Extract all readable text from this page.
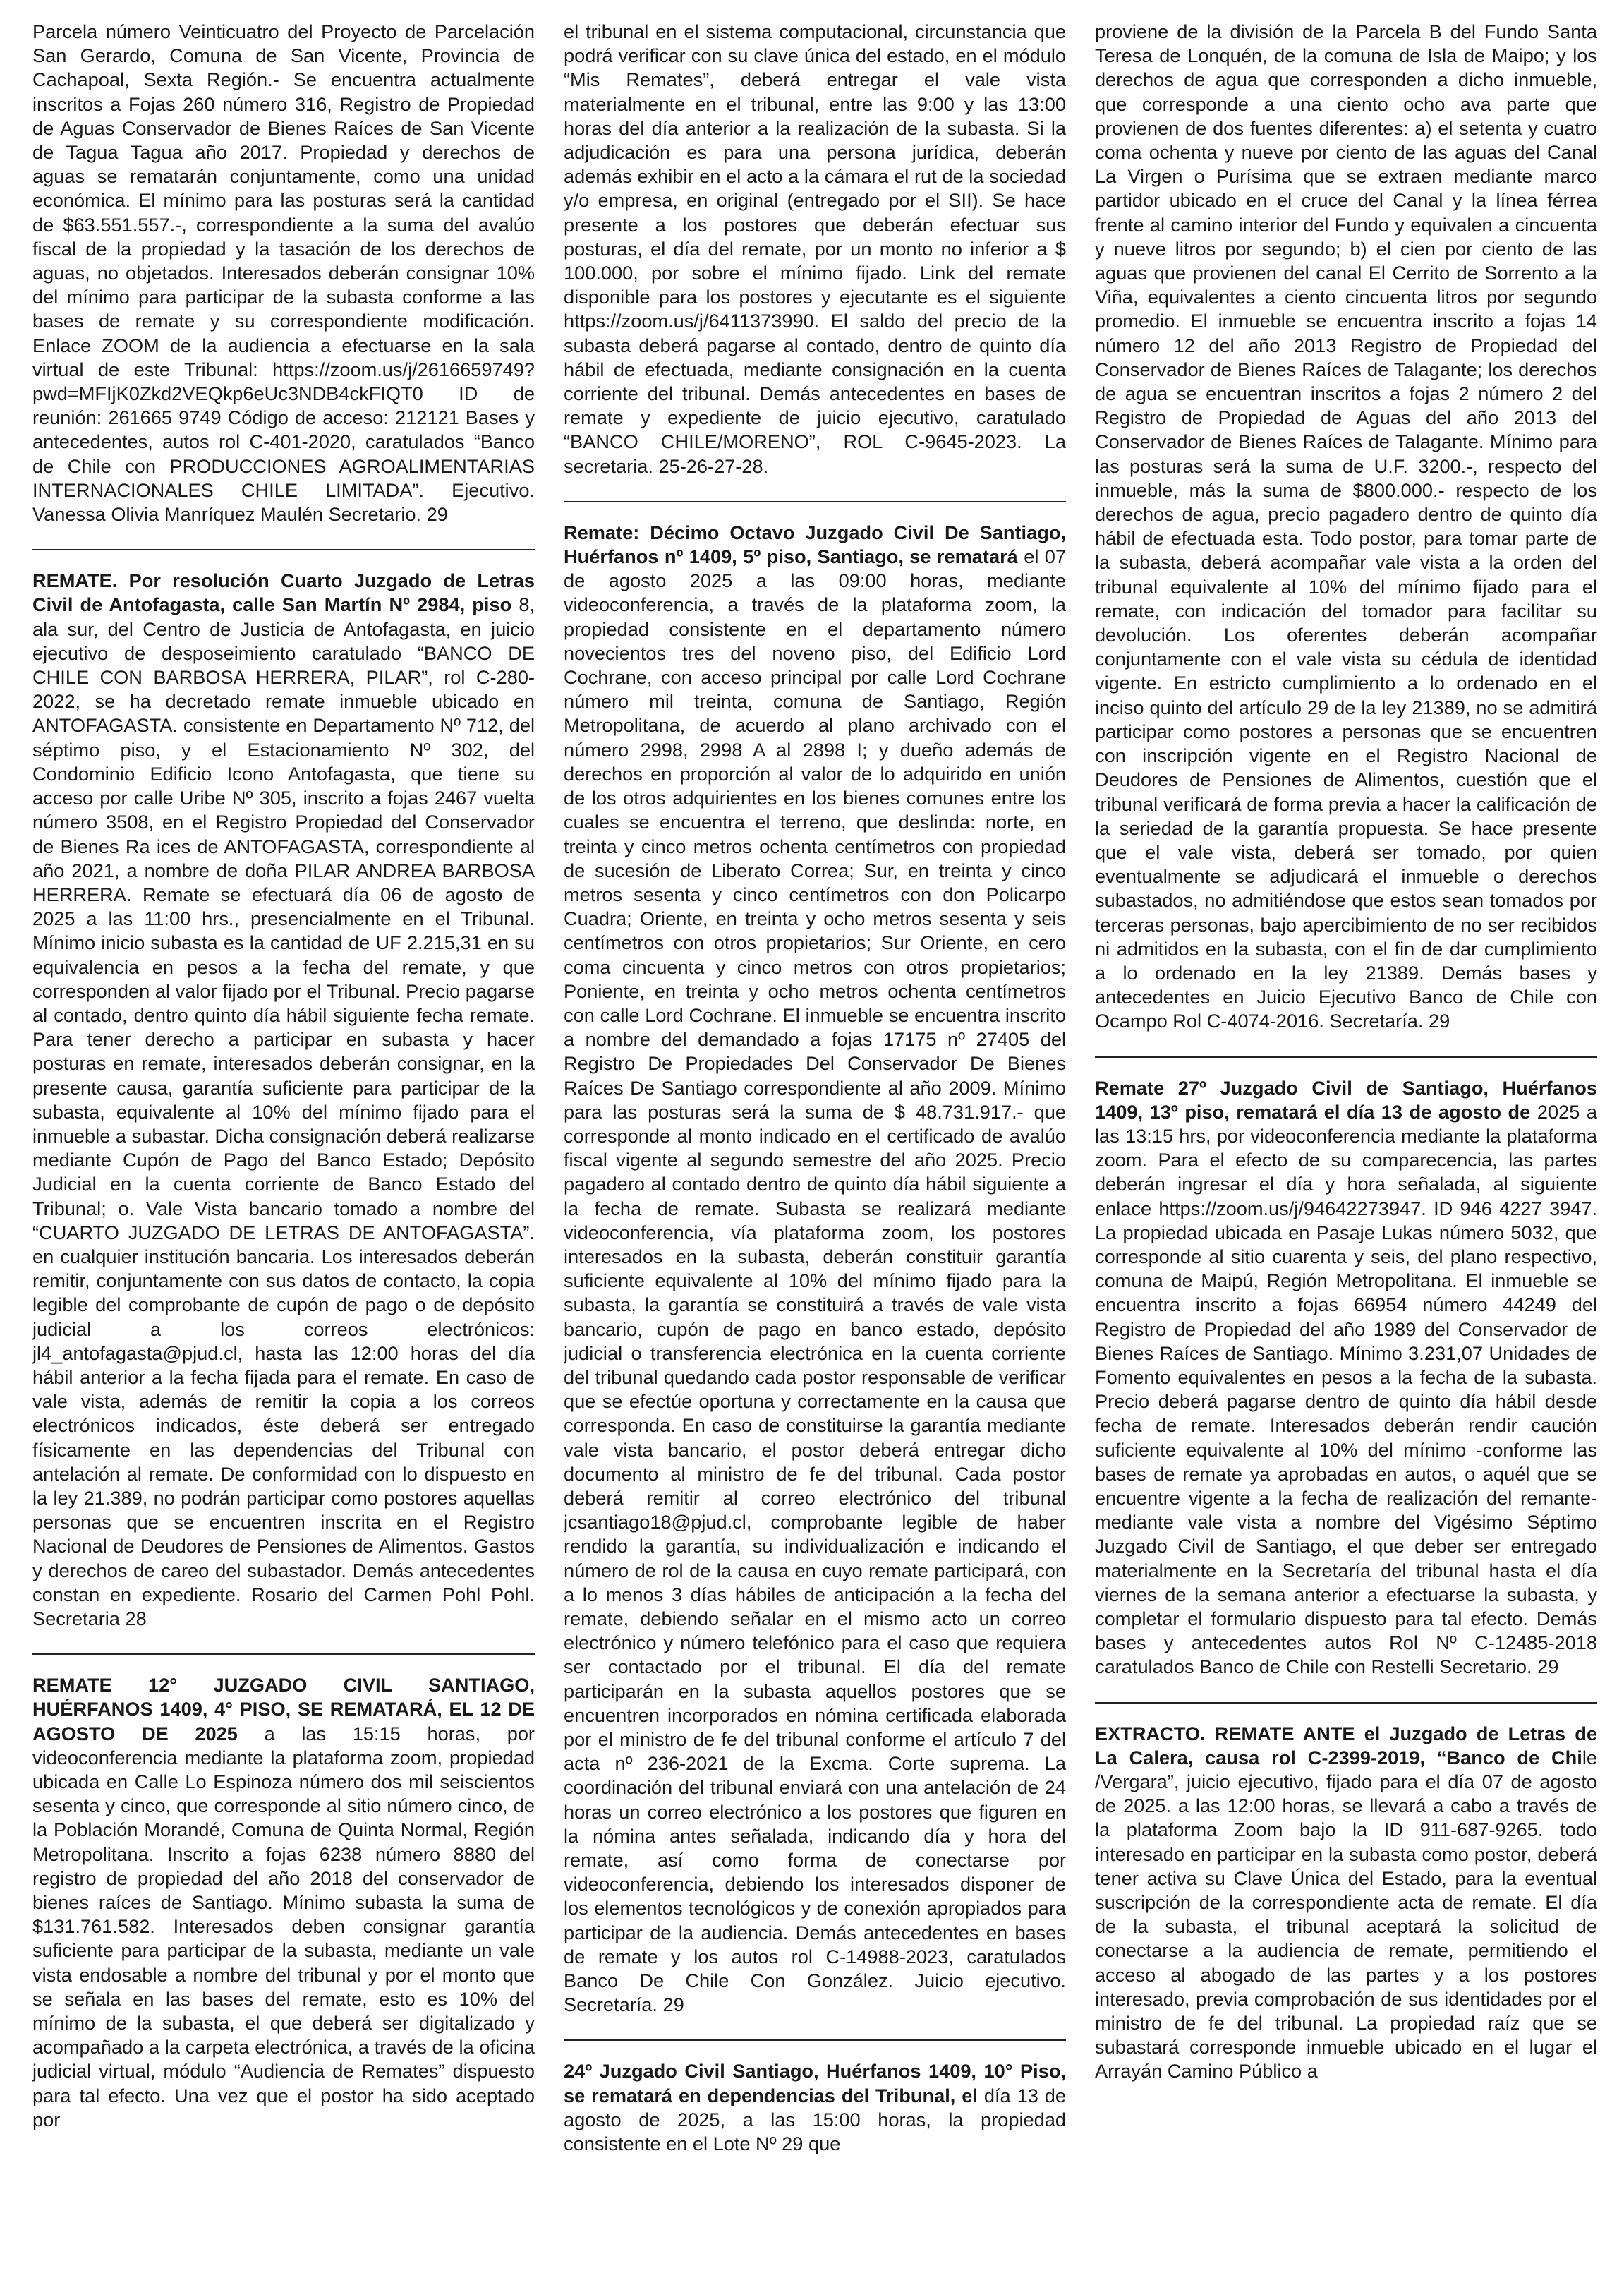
Parcela número Veinticuatro del Proyecto de Parcelación San Gerardo, Comuna de San Vicente, Provincia de Cachapoal, Sexta Región.- Se encuentra actualmente inscritos a Fojas 260 número 316, Registro de Propiedad de Aguas Conservador de Bienes Raíces de San Vicente de Tagua Tagua año 2017. Propiedad y derechos de aguas se rematarán conjuntamente, como una unidad económica. El mínimo para las posturas será la cantidad de $63.551.557.-, correspondiente a la suma del avalúo fiscal de la propiedad y la tasación de los derechos de aguas, no objetados. Interesados deberán consignar 10% del mínimo para participar de la subasta conforme a las bases de remate y su correspondiente modificación. Enlace ZOOM de la audiencia a efectuarse en la sala virtual de este Tribunal: https://zoom.us/j/2616659749?pwd=MFIjK0Zkd2VEQkp6eUc3NDB4ckFIQT0 ID de reunión: 261665 9749 Código de acceso: 212121 Bases y antecedentes, autos rol C-401-2020, caratulados “Banco de Chile con PRODUCCIONES AGROALIMENTARIAS INTERNACIONALES CHILE LIMITADA”. Ejecutivo. Vanessa Olivia Manríquez Maulén Secretario. 29

REMATE. Por resolución Cuarto Juzgado de Letras Civil de Antofagasta, calle San Martín Nº 2984, piso 8, ala sur, del Centro de Justicia de Antofagasta, en juicio ejecutivo de desposeimiento caratulado “BANCO DE CHILE CON BARBOSA HERRERA, PILAR”, rol C-280-2022, se ha decretado remate inmueble ubicado en ANTOFAGASTA. consistente en Departamento Nº 712, del séptimo piso, y el Estacionamiento Nº 302, del Condominio Edificio Icono Antofagasta, que tiene su acceso por calle Uribe Nº 305, inscrito a fojas 2467 vuelta número 3508, en el Registro Propiedad del Conservador de Bienes Ra ices de ANTOFAGASTA, correspondiente al año 2021, a nombre de doña PILAR ANDREA BARBOSA HERRERA. Remate se efectuará día 06 de agosto de 2025 a las 11:00 hrs., presencialmente en el Tribunal. Mínimo inicio subasta es la cantidad de UF 2.215,31 en su equivalencia en pesos a la fecha del remate, y que corresponden al valor fijado por el Tribunal. Precio pagarse al contado, dentro quinto día hábil siguiente fecha remate. Para tener derecho a participar en subasta y hacer posturas en remate, interesados deberán consignar, en la presente causa, garantía suficiente para participar de la subasta, equivalente al 10% del mínimo fijado para el inmueble a subastar. Dicha consignación deberá realizarse mediante Cupón de Pago del Banco Estado; Depósito Judicial en la cuenta corriente de Banco Estado del Tribunal; o. Vale Vista bancario tomado a nombre del “CUARTO JUZGADO DE LETRAS DE ANTOFAGASTA”. en cualquier institución bancaria. Los interesados deberán remitir, conjuntamente con sus datos de contacto, la copia legible del comprobante de cupón de pago o de depósito judicial a los correos electrónicos: jl4_antofagasta@pjud.cl, hasta las 12:00 horas del día hábil anterior a la fecha fijada para el remate. En caso de vale vista, además de remitir la copia a los correos electrónicos indicados, éste deberá ser entregado físicamente en las dependencias del Tribunal con antelación al remate. De conformidad con lo dispuesto en la ley 21.389, no podrán participar como postores aquellas personas que se encuentren inscrita en el Registro Nacional de Deudores de Pensiones de Alimentos. Gastos y derechos de careo del subastador. Demás antecedentes constan en expediente. Rosario del Carmen Pohl Pohl. Secretaria 28

REMATE 12° JUZGADO CIVIL SANTIAGO, HUÉRFANOS 1409, 4° PISO, SE REMATARÁ, EL 12 DE AGOSTO DE 2025 a las 15:15 horas, por videoconferencia mediante la plataforma zoom, propiedad ubicada en Calle Lo Espinoza número dos mil seiscientos sesenta y cinco, que corresponde al sitio número cinco, de la Población Morandé, Comuna de Quinta Normal, Región Metropolitana. Inscrito a fojas 6238 número 8880 del registro de propiedad del año 2018 del conservador de bienes raíces de Santiago. Mínimo subasta la suma de $131.761.582. Interesados deben consignar garantía suficiente para participar de la subasta, mediante un vale vista endosable a nombre del tribunal y por el monto que se señala en las bases del remate, esto es 10% del mínimo de la subasta, el que deberá ser digitalizado y acompañado a la carpeta electrónica, a través de la oficina judicial virtual, módulo “Audiencia de Remates” dispuesto para tal efecto. Una vez que el postor ha sido aceptado por

el tribunal en el sistema computacional, circunstancia que podrá verificar con su clave única del estado, en el módulo “Mis Remates”, deberá entregar el vale vista materialmente en el tribunal, entre las 9:00 y las 13:00 horas del día anterior a la realización de la subasta. Si la adjudicación es para una persona jurídica, deberán además exhibir en el acto a la cámara el rut de la sociedad y/o empresa, en original (entregado por el SII). Se hace presente a los postores que deberán efectuar sus posturas, el día del remate, por un monto no inferior a $ 100.000, por sobre el mínimo fijado. Link del remate disponible para los postores y ejecutante es el siguiente https://zoom.us/j/6411373990. El saldo del precio de la subasta deberá pagarse al contado, dentro de quinto día hábil de efectuada, mediante consignación en la cuenta corriente del tribunal. Demás antecedentes en bases de remate y expediente de juicio ejecutivo, caratulado “BANCO CHILE/MORENO”, ROL C-9645-2023. La secretaria. 25-26-27-28.

Remate: Décimo Octavo Juzgado Civil De Santiago, Huérfanos nº 1409, 5º piso, Santiago, se rematará el 07 de agosto 2025 a las 09:00 horas, mediante videoconferencia, a través de la plataforma zoom, la propiedad consistente en el departamento número novecientos tres del noveno piso, del Edificio Lord Cochrane, con acceso principal por calle Lord Cochrane número mil treinta, comuna de Santiago, Región Metropolitana, de acuerdo al plano archivado con el número 2998, 2998 A al 2898 I; y dueño además de derechos en proporción al valor de lo adquirido en unión de los otros adquirientes en los bienes comunes entre los cuales se encuentra el terreno, que deslinda: norte, en treinta y cinco metros ochenta centímetros con propiedad de sucesión de Liberato Correa; Sur, en treinta y cinco metros sesenta y cinco centímetros con don Policarpo Cuadra; Oriente, en treinta y ocho metros sesenta y seis centímetros con otros propietarios; Sur Oriente, en cero coma cincuenta y cinco metros con otros propietarios; Poniente, en treinta y ocho metros ochenta centímetros con calle Lord Cochrane. El inmueble se encuentra inscrito a nombre del demandado a fojas 17175 nº 27405 del Registro De Propiedades Del Conservador De Bienes Raíces De Santiago correspondiente al año 2009. Mínimo para las posturas será la suma de $ 48.731.917.- que corresponde al monto indicado en el certificado de avalúo fiscal vigente al segundo semestre del año 2025. Precio pagadero al contado dentro de quinto día hábil siguiente a la fecha de remate. Subasta se realizará mediante videoconferencia, vía plataforma zoom, los postores interesados en la subasta, deberán constituir garantía suficiente equivalente al 10% del mínimo fijado para la subasta, la garantía se constituirá a través de vale vista bancario, cupón de pago en banco estado, depósito judicial o transferencia electrónica en la cuenta corriente del tribunal quedando cada postor responsable de verificar que se efectúe oportuna y correctamente en la causa que corresponda. En caso de constituirse la garantía mediante vale vista bancario, el postor deberá entregar dicho documento al ministro de fe del tribunal. Cada postor deberá remitir al correo electrónico del tribunal jcsantiago18@pjud.cl, comprobante legible de haber rendido la garantía, su individualización e indicando el número de rol de la causa en cuyo remate participará, con a lo menos 3 días hábiles de anticipación a la fecha del remate, debiendo señalar en el mismo acto un correo electrónico y número telefónico para el caso que requiera ser contactado por el tribunal. El día del remate participarán en la subasta aquellos postores que se encuentren incorporados en nómina certificada elaborada por el ministro de fe del tribunal conforme el artículo 7 del acta nº 236-2021 de la Excma. Corte suprema. La coordinación del tribunal enviará con una antelación de 24 horas un correo electrónico a los postores que figuren en la nómina antes señalada, indicando día y hora del remate, así como forma de conectarse por videoconferencia, debiendo los interesados disponer de los elementos tecnológicos y de conexión apropiados para participar de la audiencia. Demás antecedentes en bases de remate y los autos rol C-14988-2023, caratulados Banco De Chile Con González. Juicio ejecutivo. Secretaría. 29

24º Juzgado Civil Santiago, Huérfanos 1409, 10° Piso, se rematará en dependencias del Tribunal, el día 13 de agosto de 2025, a las 15:00 horas, la propiedad consistente en el Lote Nº 29 que

proviene de la división de la Parcela B del Fundo Santa Teresa de Lonquén, de la comuna de Isla de Maipo; y los derechos de agua que corresponden a dicho inmueble, que corresponde a una ciento ocho ava parte que provienen de dos fuentes diferentes: a) el setenta y cuatro coma ochenta y nueve por ciento de las aguas del Canal La Virgen o Purísima que se extraen mediante marco partidor ubicado en el cruce del Canal y la línea férrea frente al camino interior del Fundo y equivalen a cincuenta y nueve litros por segundo; b) el cien por ciento de las aguas que provienen del canal El Cerrito de Sorrento a la Viña, equivalentes a ciento cincuenta litros por segundo promedio. El inmueble se encuentra inscrito a fojas 14 número 12 del año 2013 Registro de Propiedad del Conservador de Bienes Raíces de Talagante; los derechos de agua se encuentran inscritos a fojas 2 número 2 del Registro de Propiedad de Aguas del año 2013 del Conservador de Bienes Raíces de Talagante. Mínimo para las posturas será la suma de U.F. 3200.-, respecto del inmueble, más la suma de $800.000.- respecto de los derechos de agua, precio pagadero dentro de quinto día hábil de efectuada esta. Todo postor, para tomar parte de la subasta, deberá acompañar vale vista a la orden del tribunal equivalente al 10% del mínimo fijado para el remate, con indicación del tomador para facilitar su devolución. Los oferentes deberán acompañar conjuntamente con el vale vista su cédula de identidad vigente. En estricto cumplimiento a lo ordenado en el inciso quinto del artículo 29 de la ley 21389, no se admitirá participar como postores a personas que se encuentren con inscripción vigente en el Registro Nacional de Deudores de Pensiones de Alimentos, cuestión que el tribunal verificará de forma previa a hacer la calificación de la seriedad de la garantía propuesta. Se hace presente que el vale vista, deberá ser tomado, por quien eventualmente se adjudicará el inmueble o derechos subastados, no admitiéndose que estos sean tomados por terceras personas, bajo apercibimiento de no ser recibidos ni admitidos en la subasta, con el fin de dar cumplimiento a lo ordenado en la ley 21389. Demás bases y antecedentes en Juicio Ejecutivo Banco de Chile con Ocampo Rol C-4074-2016. Secretaría. 29

Remate 27º Juzgado Civil de Santiago, Huérfanos 1409, 13º piso, rematará el día 13 de agosto de 2025 a las 13:15 hrs, por videoconferencia mediante la plataforma zoom. Para el efecto de su comparecencia, las partes deberán ingresar el día y hora señalada, al siguiente enlace https://zoom.us/j/94642273947. ID 946 4227 3947. La propiedad ubicada en Pasaje Lukas número 5032, que corresponde al sitio cuarenta y seis, del plano respectivo, comuna de Maipú, Región Metropolitana. El inmueble se encuentra inscrito a fojas 66954 número 44249 del Registro de Propiedad del año 1989 del Conservador de Bienes Raíces de Santiago. Mínimo 3.231,07 Unidades de Fomento equivalentes en pesos a la fecha de la subasta. Precio deberá pagarse dentro de quinto día hábil desde fecha de remate. Interesados deberán rendir caución suficiente equivalente al 10% del mínimo -conforme las bases de remate ya aprobadas en autos, o aquél que se encuentre vigente a la fecha de realización del remante- mediante vale vista a nombre del Vigésimo Séptimo Juzgado Civil de Santiago, el que deber ser entregado materialmente en la Secretaría del tribunal hasta el día viernes de la semana anterior a efectuarse la subasta, y completar el formulario dispuesto para tal efecto. Demás bases y antecedentes autos Rol Nº C-12485-2018 caratulados Banco de Chile con Restelli Secretario. 29

EXTRACTO. REMATE ANTE el Juzgado de Letras de La Calera, causa rol C-2399-2019, “Banco de Chile /Vergara”, juicio ejecutivo, fijado para el día 07 de agosto de 2025. a las 12:00 horas, se llevará a cabo a través de la plataforma Zoom bajo la ID 911-687-9265. todo interesado en participar en la subasta como postor, deberá tener activa su Clave Única del Estado, para la eventual suscripción de la correspondiente acta de remate. El día de la subasta, el tribunal aceptará la solicitud de conectarse a la audiencia de remate, permitiendo el acceso al abogado de las partes y a los postores interesado, previa comprobación de sus identidades por el ministro de fe del tribunal. La propiedad raíz que se subastará corresponde inmueble ubicado en el lugar el Arrayán Camino Público a
